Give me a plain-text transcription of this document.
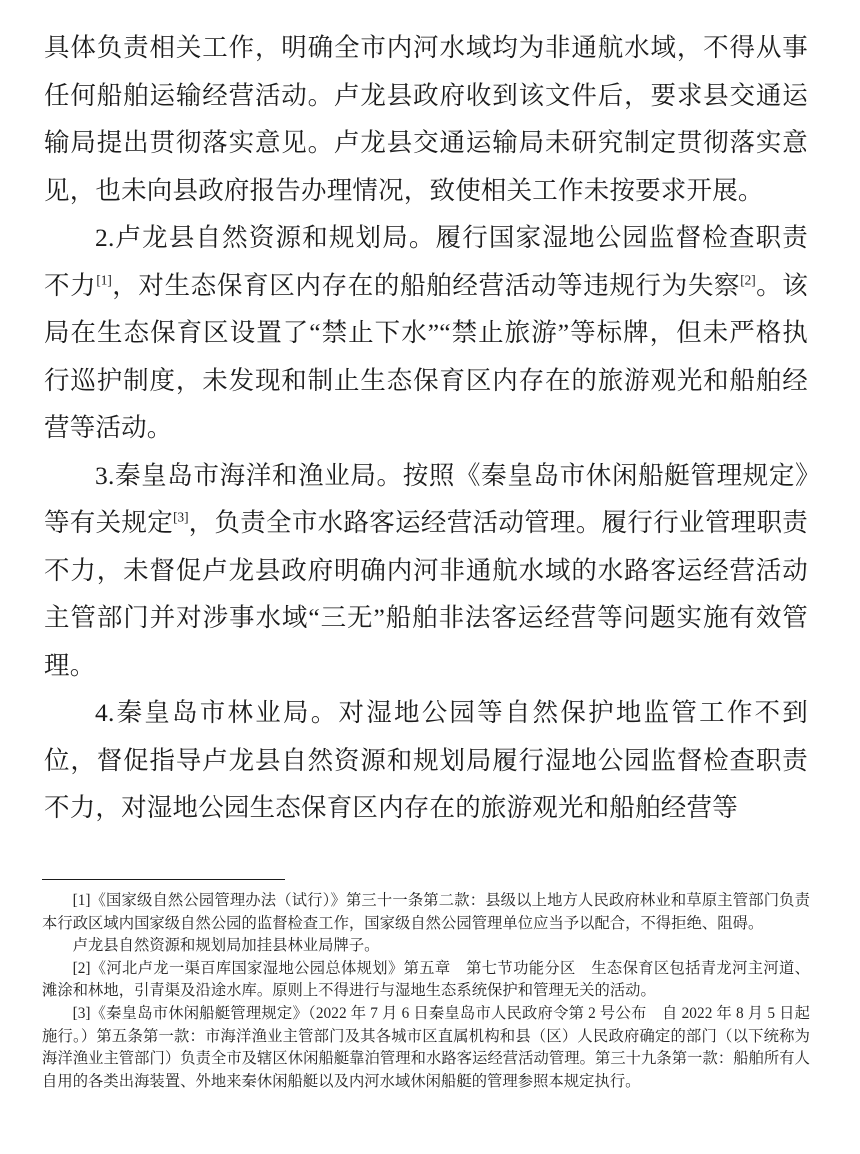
具体负责相关工作，明确全市内河水域均为非通航水域，不得从事任何船舶运输经营活动。卢龙县政府收到该文件后，要求县交通运输局提出贯彻落实意见。卢龙县交通运输局未研究制定贯彻落实意见，也未向县政府报告办理情况，致使相关工作未按要求开展。

2.卢龙县自然资源和规划局。履行国家湿地公园监督检查职责不力[1]，对生态保育区内存在的船舶经营活动等违规行为失察[2]。该局在生态保育区设置了“禁止下水”“禁止旅游”等标牌，但未严格执行巡护制度，未发现和制止生态保育区内存在的旅游观光和船舶经营等活动。

3.秦皇岛市海洋和渔业局。按照《秦皇岛市休闲船艇管理规定》等有关规定[3]，负责全市水路客运经营活动管理。履行行业管理职责不力，未督促卢龙县政府明确内河非通航水域的水路客运经营活动主管部门并对涉事水域“三无”船舶非法客运经营等问题实施有效管理。

4.秦皇岛市林业局。对湿地公园等自然保护地监管工作不到位，督促指导卢龙县自然资源和规划局履行湿地公园监督检查职责不力，对湿地公园生态保育区内存在的旅游观光和船舶经营等

[1]《国家级自然公园管理办法（试行）》第三十一条第二款：县级以上地方人民政府林业和草原主管部门负责本行政区域内国家级自然公园的监督检查工作，国家级自然公园管理单位应当予以配合，不得拒绝、阻碍。

卢龙县自然资源和规划局加挂县林业局牌子。

[2]《河北卢龙一渠百库国家湿地公园总体规划》第五章　第七节功能分区　生态保育区包括青龙河主河道、滩涂和林地，引青渠及沿途水库。原则上不得进行与湿地生态系统保护和管理无关的活动。

[3]《秦皇岛市休闲船艇管理规定》（2022 年 7 月 6 日秦皇岛市人民政府令第 2 号公布　自 2022 年 8 月 5 日起施行。）第五条第一款：市海洋渔业主管部门及其各城市区直属机构和县（区）人民政府确定的部门（以下统称为海洋渔业主管部门）负责全市及辖区休闲船艇靠泊管理和水路客运经营活动管理。第三十九条第一款：船舶所有人自用的各类出海装置、外地来秦休闲船艇以及内河水域休闲船艇的管理参照本规定执行。
